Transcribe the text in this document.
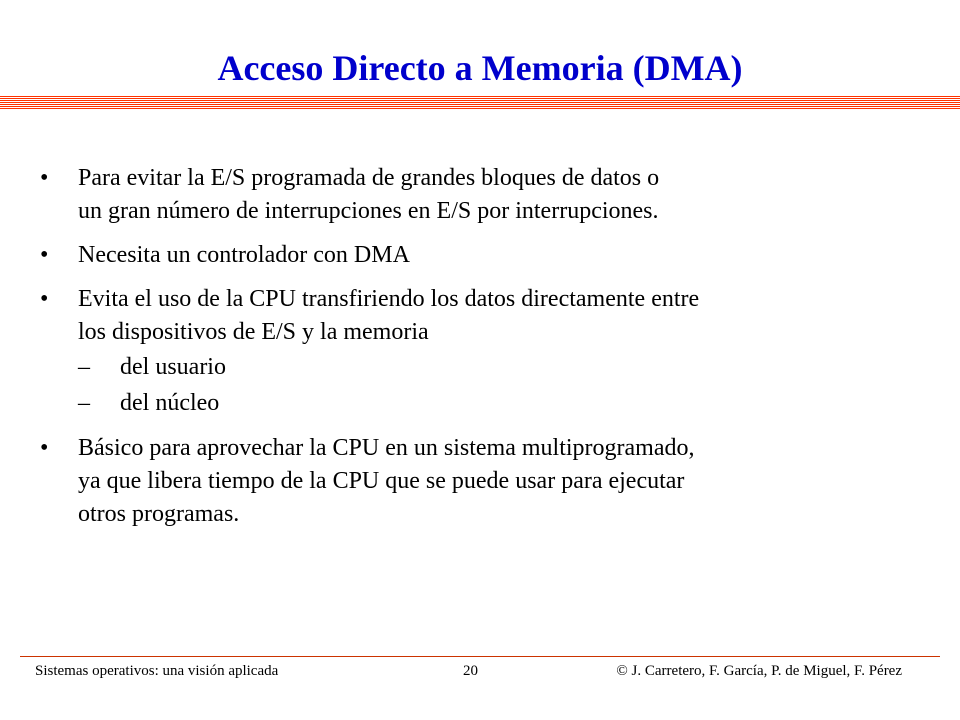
Acceso Directo a Memoria (DMA)
• Para evitar la E/S programada de grandes bloques de datos o
un gran número de interrupciones en E/S por interrupciones.
• Necesita un controlador con DMA
• Evita el uso de la CPU transfiriendo los datos directamente entre
los dispositivos de E/S y la memoria
– del usuario
– del núcleo
• Básico para aprovechar la CPU en un sistema multiprogramado,
ya que libera tiempo de la CPU que se puede usar para ejecutar
otros programas.
Sistemas operativos: una visión aplicada	20	© J. Carretero, F. García, P. de Miguel, F. Pérez
